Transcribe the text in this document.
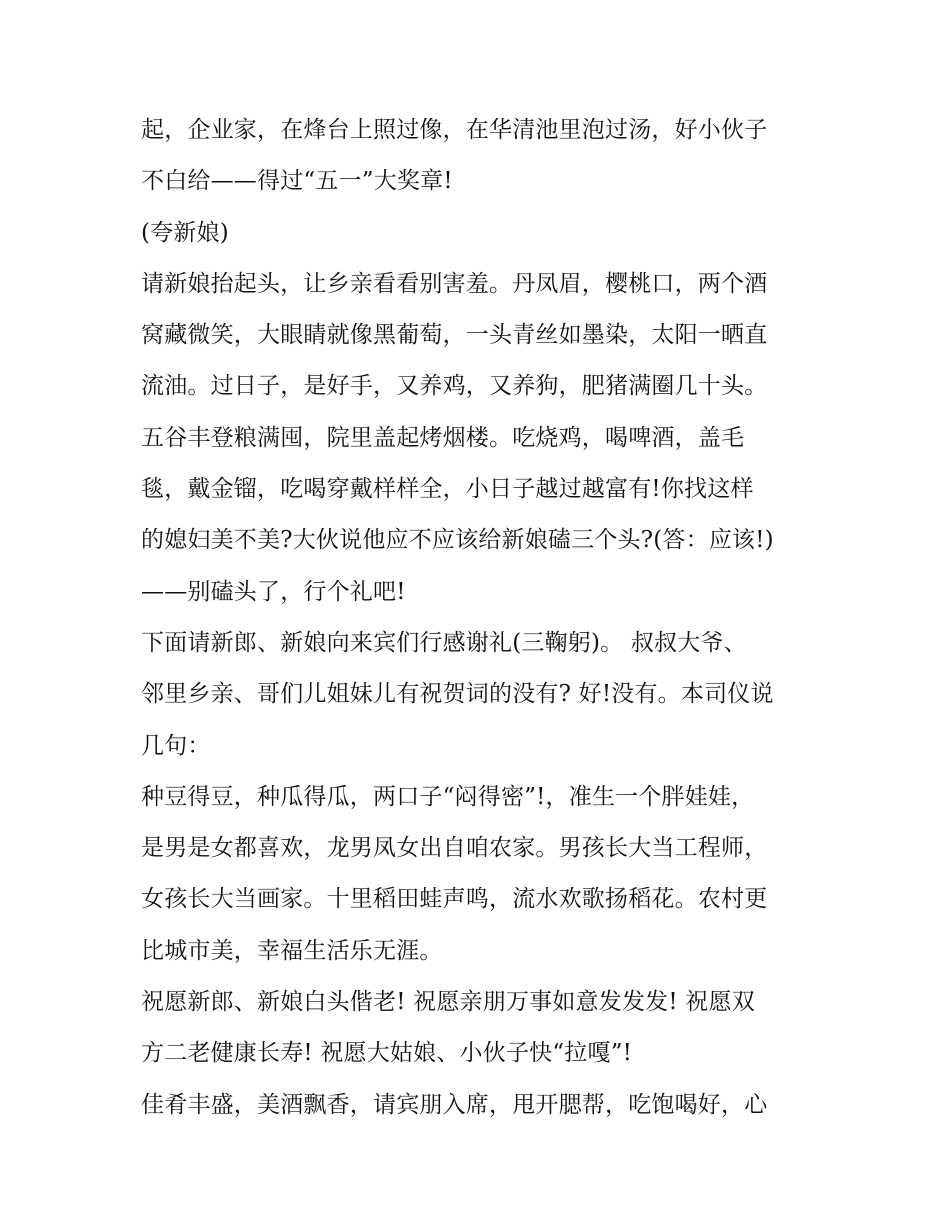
起，企业家，在烽台上照过像，在华清池里泡过汤，好小伙子
不白给——得过“五一”大奖章!
(夸新娘)
请新娘抬起头，让乡亲看看别害羞。丹凤眉，樱桃口，两个酒
窝藏微笑，大眼睛就像黑葡萄，一头青丝如墨染，太阳一晒直
流油。过日子，是好手，又养鸡，又养狗，肥猪满圈几十头。
五谷丰登粮满囤，院里盖起烤烟楼。吃烧鸡，喝啤酒，盖毛
毯，戴金镏，吃喝穿戴样样全，小日子越过越富有!你找这样
的媳妇美不美?大伙说他应不应该给新娘磕三个头?(答：应该!)
——别磕头了，行个礼吧!
下面请新郎、新娘向来宾们行感谢礼(三鞠躬)。 叔叔大爷、
邻里乡亲、哥们儿姐妹儿有祝贺词的没有? 好!没有。本司仪说
几句：
种豆得豆，种瓜得瓜，两口子“闷得密”!，准生一个胖娃娃，
是男是女都喜欢，龙男凤女出自咱农家。男孩长大当工程师，
女孩长大当画家。十里稻田蛙声鸣，流水欢歌扬稻花。农村更
比城市美，幸福生活乐无涯。
祝愿新郎、新娘白头偕老! 祝愿亲朋万事如意发发发! 祝愿双
方二老健康长寿! 祝愿大姑娘、小伙子快“拉嘎”!
佳肴丰盛，美酒飘香，请宾朋入席，甩开腮帮，吃饱喝好，心
